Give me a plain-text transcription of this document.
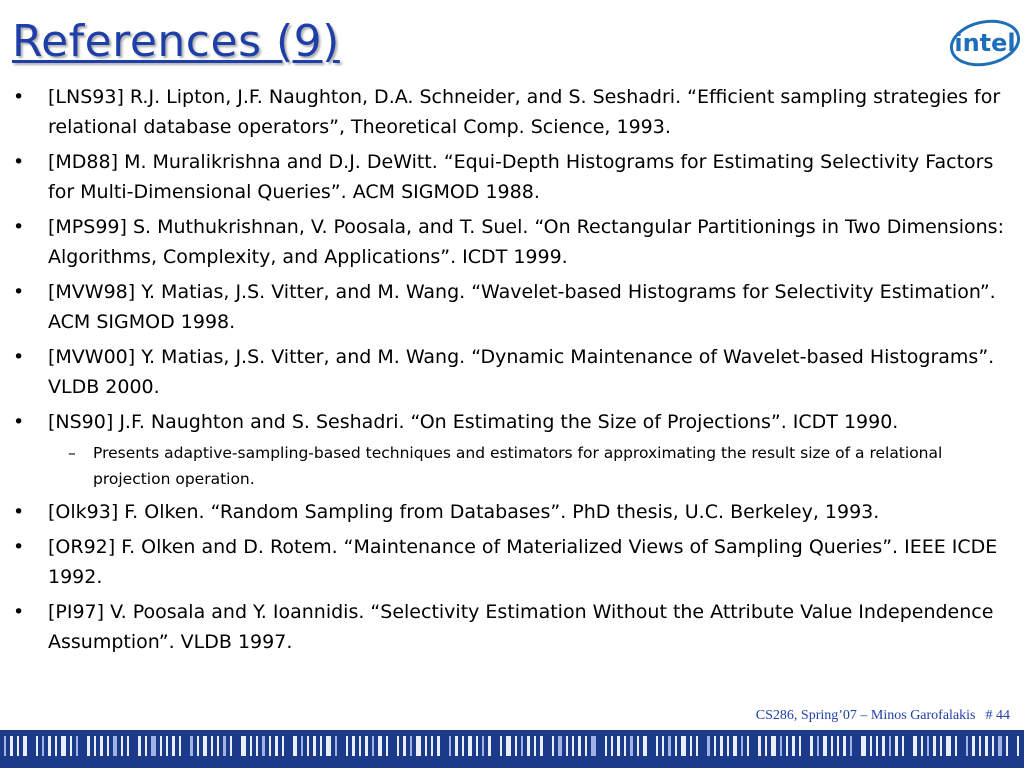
References (9)	intel
• [LNS93] R.J. Lipton, J.F. Naughton, D.A. Schneider, and S. Seshadri. “Efficient sampling strategies for relational database operators”, Theoretical Comp. Science, 1993.
• [MD88] M. Muralikrishna and D.J. DeWitt. “Equi-Depth Histograms for Estimating Selectivity Factors for Multi-Dimensional Queries”. ACM SIGMOD 1988.
• [MPS99] S. Muthukrishnan, V. Poosala, and T. Suel. “On Rectangular Partitionings in Two Dimensions: Algorithms, Complexity, and Applications”. ICDT 1999.
• [MVW98] Y. Matias, J.S. Vitter, and M. Wang. “Wavelet-based Histograms for Selectivity Estimation”. ACM SIGMOD 1998.
• [MVW00] Y. Matias, J.S. Vitter, and M. Wang. “Dynamic Maintenance of Wavelet-based Histograms”. VLDB 2000.
• [NS90] J.F. Naughton and S. Seshadri. “On Estimating the Size of Projections”. ICDT 1990.
– Presents adaptive-sampling-based techniques and estimators for approximating the result size of a relational projection operation.
• [Olk93] F. Olken. “Random Sampling from Databases”. PhD thesis, U.C. Berkeley, 1993.
• [OR92] F. Olken and D. Rotem. “Maintenance of Materialized Views of Sampling Queries”. IEEE ICDE 1992.
• [PI97] V. Poosala and Y. Ioannidis. “Selectivity Estimation Without the Attribute Value Independence Assumption”. VLDB 1997.
CS286, Spring’07 – Minos Garofalakis # 44
